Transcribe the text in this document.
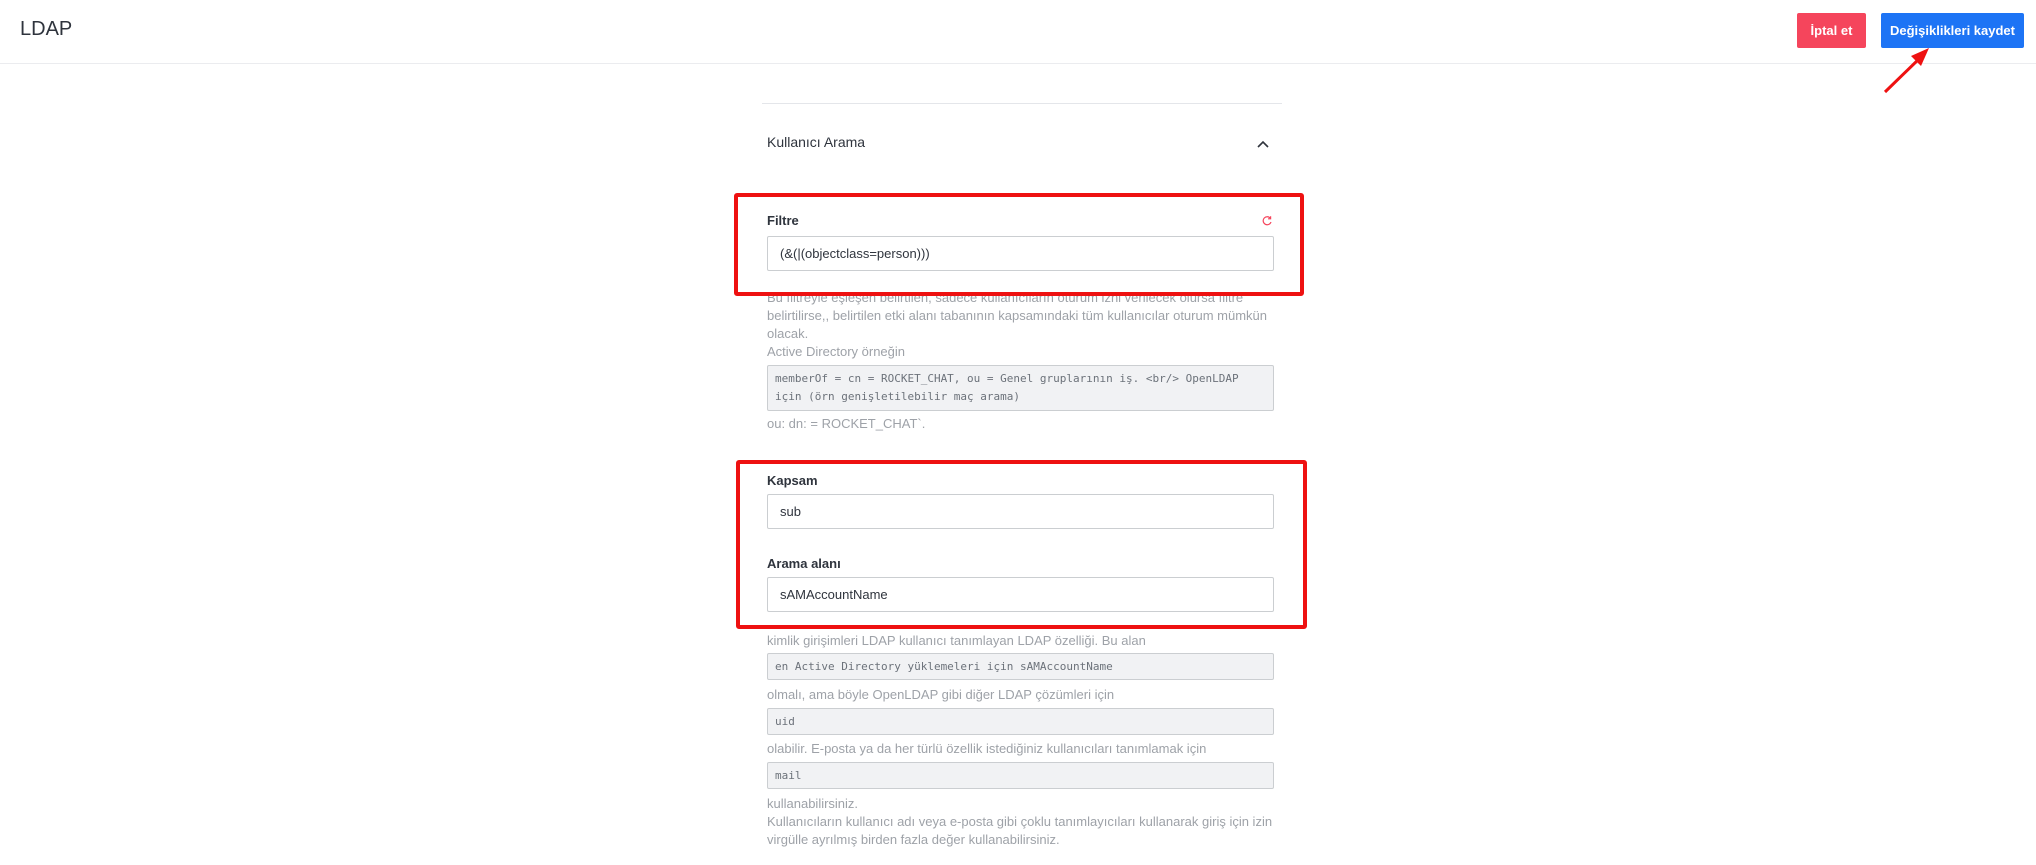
LDAP	İptal et	Değişiklikleri kaydet
Kullanıcı Arama
Filtre
(&(|(objectclass=person)))
Bu filtreyle eşleşen belirtilen, sadece kullanıcıların oturum izni verilecek olursa filtre
belirtilirse,, belirtilen etki alanı tabanının kapsamındaki tüm kullanıcılar oturum mümkün
olacak.
Active Directory örneğin
memberOf = cn = ROCKET_CHAT, ou = Genel gruplarının iş. <br/> OpenLDAP
için (örn genişletilebilir maç arama)
ou: dn: = ROCKET_CHAT`.
Kapsam
sub
Arama alanı
sAMAccountName
kimlik girişimleri LDAP kullanıcı tanımlayan LDAP özelliği. Bu alan
en Active Directory yüklemeleri için sAMAccountName
olmalı, ama böyle OpenLDAP gibi diğer LDAP çözümleri için
uid
olabilir. E-posta ya da her türlü özellik istediğiniz kullanıcıları tanımlamak için
mail
kullanabilirsiniz.
Kullanıcıların kullanıcı adı veya e-posta gibi çoklu tanımlayıcıları kullanarak giriş için izin
virgülle ayrılmış birden fazla değer kullanabilirsiniz.
